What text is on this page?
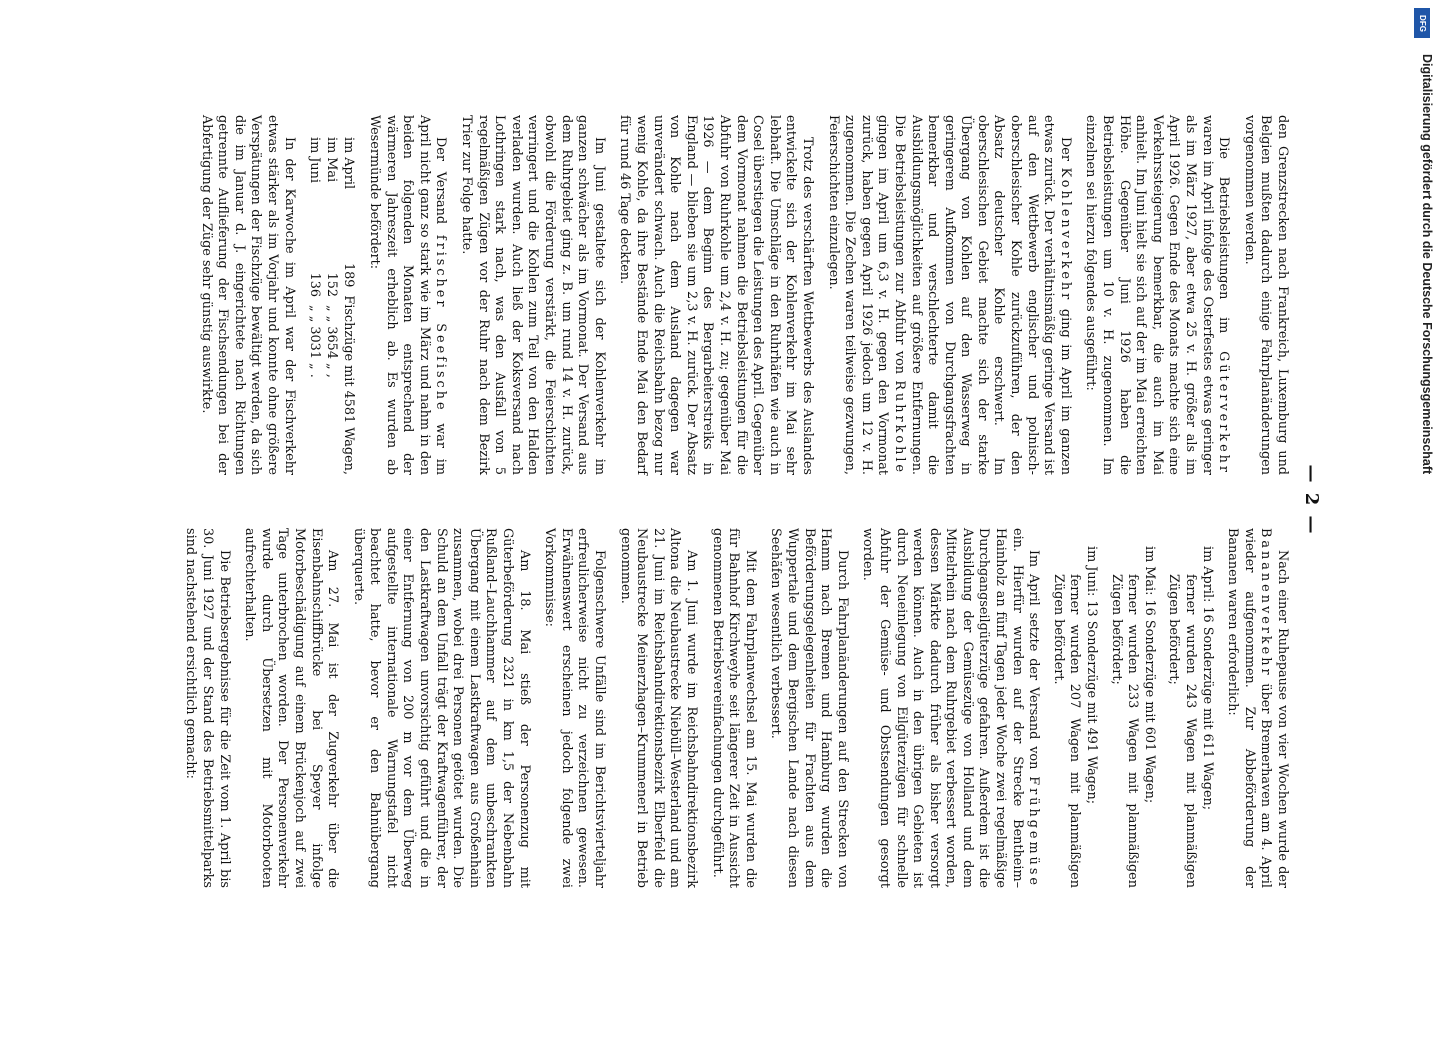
— 2 —

den Grenzstrecken nach Frankreich, Luxemburg und Belgien mußten dadurch einige Fahrplanänderungen vorgenommen werden.

Die Betriebsleistungen im Güterverkehr waren im April infolge des Osterfestes etwas geringer als im März 1927, aber etwa 25 v. H. größer als im April 1926. Gegen Ende des Monats machte sich eine Verkehrssteigerung bemerkbar, die auch im Mai anhielt. Im Juni hielt sie sich auf der im Mai erreichten Höhe. Gegenüber Juni 1926 haben die Betriebsleistungen um 10 v. H. zugenommen. Im einzelnen sei hierzu folgendes ausgeführt:

Der Kohlenverkehr ging im April im ganzen etwas zurück. Der verhältnismäßig geringe Versand ist auf den Wettbewerb englischer und polnisch-oberschlesischer Kohle zurückzuführen, der den Absatz deutscher Kohle erschwert. Im oberschlesischen Gebiet machte sich der starke Übergang von Kohlen auf den Wasserweg in geringerem Aufkommen von Durchgangsfrachten bemerkbar und verschlechterte damit die Ausbildungsmöglichkeiten auf größere Entfernungen. Die Betriebsleistungen zur Abfuhr von Ruhrkohle gingen im April um 6,3 v. H. gegen den Vormonat zurück, haben gegen April 1926 jedoch um 12 v. H. zugenommen. Die Zechen waren teilweise gezwungen, Feierschichten einzulegen.

Trotz des verschärften Wettbewerbs des Auslandes entwickelte sich der Kohlenverkehr im Mai sehr lebhaft. Die Umschläge in den Ruhrhäfen wie auch in Cosel überstiegen die Leistungen des April. Gegenüber dem Vormonat nahmen die Betriebsleistungen für die Abfuhr von Ruhrkohle um 2,4 v. H. zu; gegenüber Mai 1926 — dem Beginn des Bergarbeiterstreiks in England — blieben sie um 2,3 v. H. zurück. Der Absatz von Kohle nach dem Ausland dagegen war unverändert schwach. Auch die Reichsbahn bezog nur wenig Kohle, da ihre Bestände Ende Mai den Bedarf für rund 46 Tage deckten.

Im Juni gestaltete sich der Kohlenverkehr im ganzen schwächer als im Vormonat. Der Versand aus dem Ruhrgebiet ging z. B. um rund 14 v. H. zurück, obwohl die Förderung verstärkt, die Feierschichten verringert und die Kohlen zum Teil von den Halden verladen wurden. Auch ließ der Koksversand nach Lothringen stark nach, was den Ausfall von 5 regelmäßigen Zügen vor der Ruhr nach dem Bezirk Trier zur Folge hatte.

Der Versand frischer Seefische war im April nicht ganz so stark wie im März und nahm in den beiden folgenden Monaten entsprechend der wärmeren Jahreszeit erheblich ab. Es wurden ab Wesermünde befördert:

im April
189
Fischzüge mit 4581 Wagen,
im Mai
152
„ „ 3654 „ ,
im Juni
136
„ „ 3031 „ .

In der Karwoche im April war der Fischverkehr etwas stärker als im Vorjahr und konnte ohne größere Verspätungen der Fischzüge bewältigt werden, da sich die im Januar d. J. eingerichtete nach Richtungen getrennte Auflieferung der Fischsendungen bei der Abfertigung der Züge sehr günstig auswirkte.

Nach einer Ruhepause von vier Wochen wurde der Bananenverkehr über Bremerhaven am 4. April wieder aufgenommen. Zur Abbeförderung der Bananen waren erforderlich:

im April: 16 Sonderzüge mit 611 Wagen;
ferner wurden 243 Wagen mit planmäßigen Zügen befördert;
im Mai: 16 Sonderzüge mit 601 Wagen;
ferner wurden 233 Wagen mit planmäßigen Zügen befördert;
im Juni: 13 Sonderzüge mit 491 Wagen;
ferner wurden 207 Wagen mit planmäßigen Zügen befördert.

Im April setzte der Versand von Frühgemüse ein. Hierfür wurden auf der Strecke Bentheim–Hainholz an fünf Tagen jeder Woche zwei regelmäßige Durchgangseilgüterzüge gefahren. Außerdem ist die Ausbildung der Gemüsezüge von Holland und dem Mittelrhein nach dem Ruhrgebiet verbessert worden, dessen Märkte dadurch früher als bisher versorgt werden können. Auch in den übrigen Gebieten ist durch Neueinlegung von Eilgüterzügen für schnelle Abfuhr der Gemüse- und Obstsendungen gesorgt worden.

Durch Fahrplanänderungen auf den Strecken von Hamm nach Bremen und Hamburg wurden die Beförderungsgelegenheiten für Frachten aus dem Wuppertale und dem Bergischen Lande nach diesen Seehäfen wesentlich verbessert.

Mit dem Fahrplanwechsel am 15. Mai wurden die für Bahnhof Kirchweyhe seit längerer Zeit in Aussicht genommenen Betriebsvereinfachungen durchgeführt.

Am 1. Juni wurde im Reichsbahndirektionsbezirk Altona die Neubaustrecke Niebüll–Westerland und am 21. Juni im Reichsbahndirektionsbezirk Elberfeld die Neubaustrecke Meinerzhagen–Krummenerl in Betrieb genommen.

Folgenschwere Unfälle sind im Berichtsvierteljahr erfreulicherweise nicht zu verzeichnen gewesen. Erwähnenswert erscheinen jedoch folgende zwei Vorkommnisse:

Am 18. Mai stieß der Personenzug mit Güterbeförderung 2321 in km 1,5 der Nebenbahn Rußland–Lauchhammer auf dem unbeschrankten Übergang mit einem Lastkraftwagen aus Großenhain zusammen, wobei drei Personen getötet wurden. Die Schuld an dem Unfall trägt der Kraftwagenführer, der den Lastkraftwagen unvorsichtig geführt und die in einer Entfernung von 200 m vor dem Überweg aufgestellte internationale Warnungstafel nicht beachtet hatte, bevor er den Bahnübergang überquerte.

Am 27. Mai ist der Zugverkehr über die Eisenbahnschiffbrücke bei Speyer infolge Motorbeschädigung auf einem Brückenjoch auf zwei Tage unterbrochen worden. Der Personenverkehr wurde durch Übersetzen mit Motorbooten aufrechterhalten.

Die Betriebsergebnisse für die Zeit vom 1. April bis 30. Juni 1927 und der Stand des Betriebsmittelparks sind nachstehend ersichtlich gemacht:

DFG
Digitalisierung gefördert durch die Deutsche Forschungsgemeinschaft
